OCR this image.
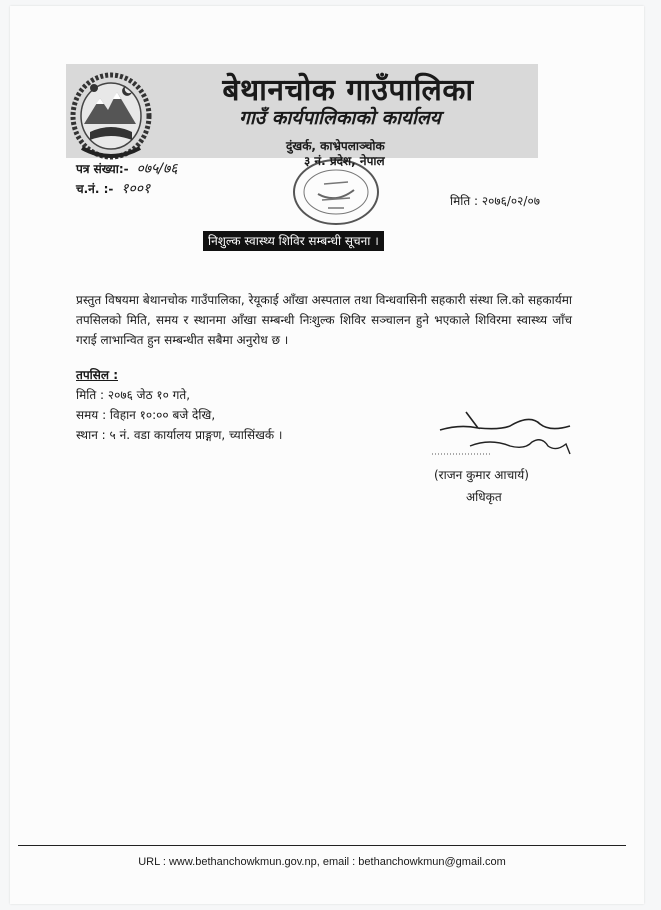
बेथानचोक गाउँपालिका
गाउँ कार्यपालिकाको कार्यालय
दुंखर्क, काभ्रेपलाञ्चोक
३ नं. प्रदेश, नेपाल
पत्र संख्या:- ०७५/७६
च.नं. :- १००१
मिति : २०७६/०२/०७
निशुल्क स्वास्थ्य शिविर सम्बन्धी सूचना ।

प्रस्तुत विषयमा बेथानचोक गाउँपालिका, रेयूकाई आँखा अस्पताल तथा विन्धवासिनी सहकारी संस्था लि.को सहकार्यमा तपसिलको मिति, समय र स्थानमा आँखा सम्बन्धी निःशुल्क शिविर सञ्चालन हुने भएकाले शिविरमा स्वास्थ्य जाँच गराई लाभान्वित हुन सम्बन्धीत सबैमा अनुरोध छ ।

तपसिल :
मिति : २०७६ जेठ १० गते,
समय : विहान १०:०० बजे देखि,
स्थान : ५ नं. वडा कार्यालय प्राङ्गण, च्यासिंखर्क ।
(राजन कुमार आचार्य)
अधिकृत
URL : www.bethanchowkmun.gov.np, email : bethanchowkmun@gmail.com
